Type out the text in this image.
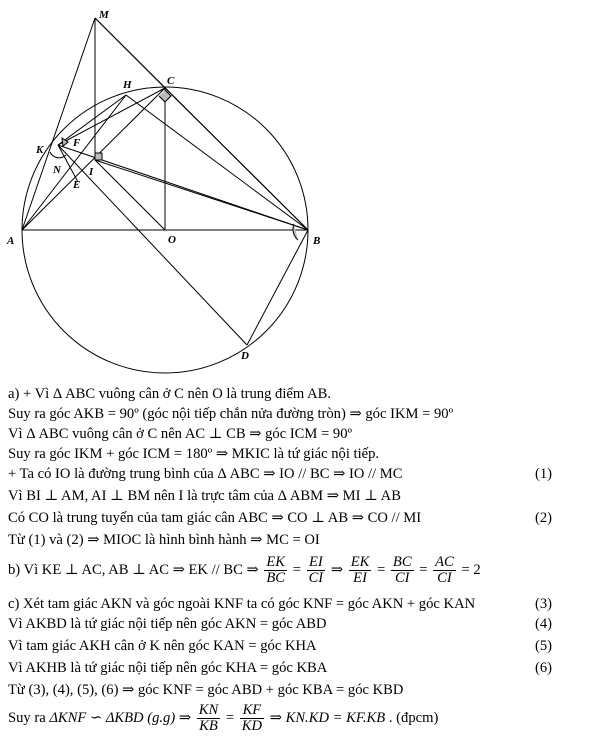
M
H	C
K
F
N	I
E
A	O	B
D
a) + Vì Δ ABC vuông cân ở C nên O là trung điểm AB.
Suy ra góc AKB = 90º (góc nội tiếp chắn nửa đường tròn) ⇒ góc IKM = 90º
Vì Δ ABC vuông cân ở C nên AC ⊥ CB ⇒ góc ICM = 90º
Suy ra góc IKM + góc ICM = 180º ⇒ MKIC là tứ giác nội tiếp.
+ Ta có IO là đường trung bình của Δ ABC ⇒ IO // BC ⇒ IO // MC	(1)
Vì BI ⊥ AM, AI ⊥ BM nên I là trực tâm của Δ ABM ⇒ MI ⊥ AB
Có CO là trung tuyến của tam giác cân ABC ⇒ CO ⊥ AB ⇒ CO // MI	(2)
Từ (1) và (2) ⇒ MIOC là hình bình hành ⇒ MC = OI
b) Vì KE ⊥ AC, AB ⊥ AC ⇒ EK // BC ⇒ $\frac{EK}{BC} = \frac{EI}{CI}$ ⇒ $\frac{EK}{EI} = \frac{BC}{CI} = \frac{AC}{CI} = 2$
c) Xét tam giác AKN và góc ngoài KNF ta có góc KNF = góc AKN + góc KAN	(3)
Vì AKBD là tứ giác nội tiếp nên góc AKN = góc ABD	(4)
Vì tam giác AKH cân ở K nên góc KAN = góc KHA	(5)
Vì AKHB là tứ giác nội tiếp nên góc KHA = góc KBA	(6)
Từ (3), (4), (5), (6) ⇒ góc KNF = góc ABD + góc KBA = góc KBD
Suy ra ΔKNF ∽ ΔKBD (g.g) ⇒ $\frac{KN}{KB} = \frac{KF}{KD}$ ⇒ KN.KD = KF.KB . (đpcm)
